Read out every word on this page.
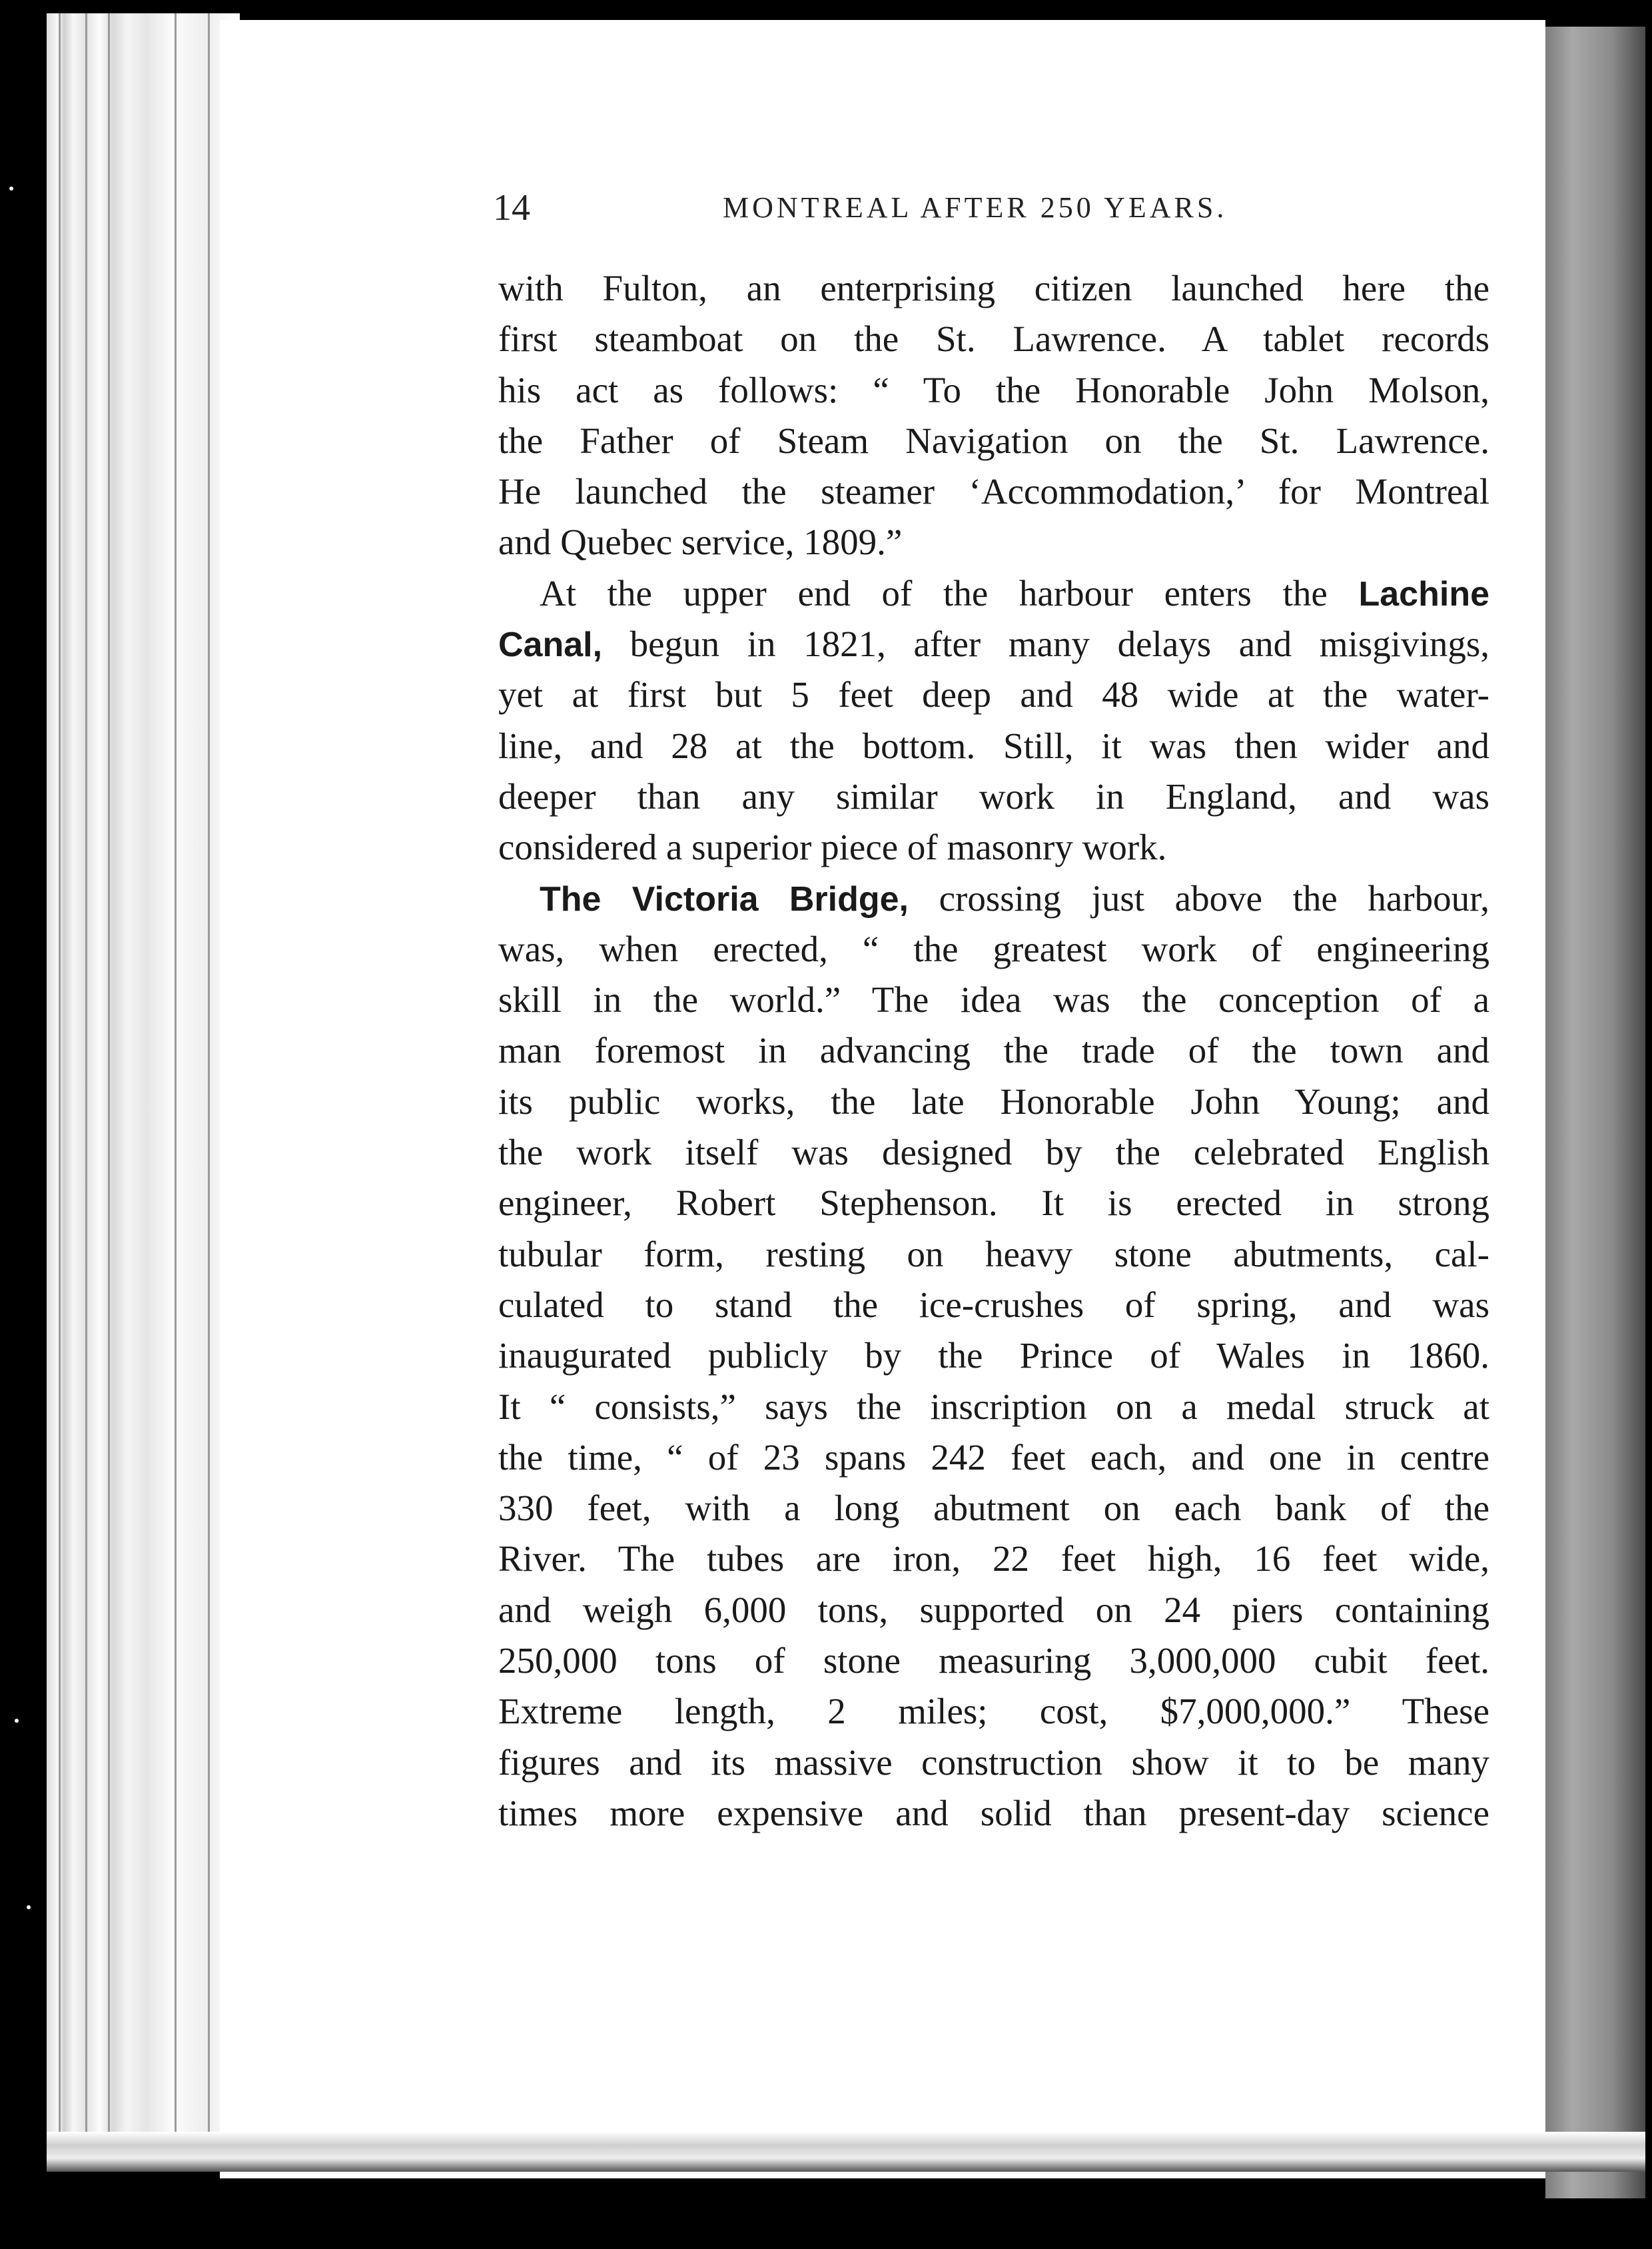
14	MONTREAL AFTER 250 YEARS.
with Fulton, an enterprising citizen launched here the
first steamboat on the St. Lawrence. A tablet records
his act as follows: “ To the Honorable John Molson,
the Father of Steam Navigation on the St. Lawrence.
He launched the steamer ‘Accommodation,’ for Montreal
and Quebec service, 1809.”
At the upper end of the harbour enters the Lachine
Canal, begun in 1821, after many delays and misgivings,
yet at first but 5 feet deep and 48 wide at the water-
line, and 28 at the bottom. Still, it was then wider and
deeper than any similar work in England, and was
considered a superior piece of masonry work.
The Victoria Bridge, crossing just above the harbour,
was, when erected, “ the greatest work of engineering
skill in the world.” The idea was the conception of a
man foremost in advancing the trade of the town and
its public works, the late Honorable John Young; and
the work itself was designed by the celebrated English
engineer, Robert Stephenson. It is erected in strong
tubular form, resting on heavy stone abutments, cal-
culated to stand the ice-crushes of spring, and was
inaugurated publicly by the Prince of Wales in 1860.
It “ consists,” says the inscription on a medal struck at
the time, “ of 23 spans 242 feet each, and one in centre
330 feet, with a long abutment on each bank of the
River. The tubes are iron, 22 feet high, 16 feet wide,
and weigh 6,000 tons, supported on 24 piers containing
250,000 tons of stone measuring 3,000,000 cubit feet.
Extreme length, 2 miles; cost, $7,000,000.” These
figures and its massive construction show it to be many
times more expensive and solid than present-day science
